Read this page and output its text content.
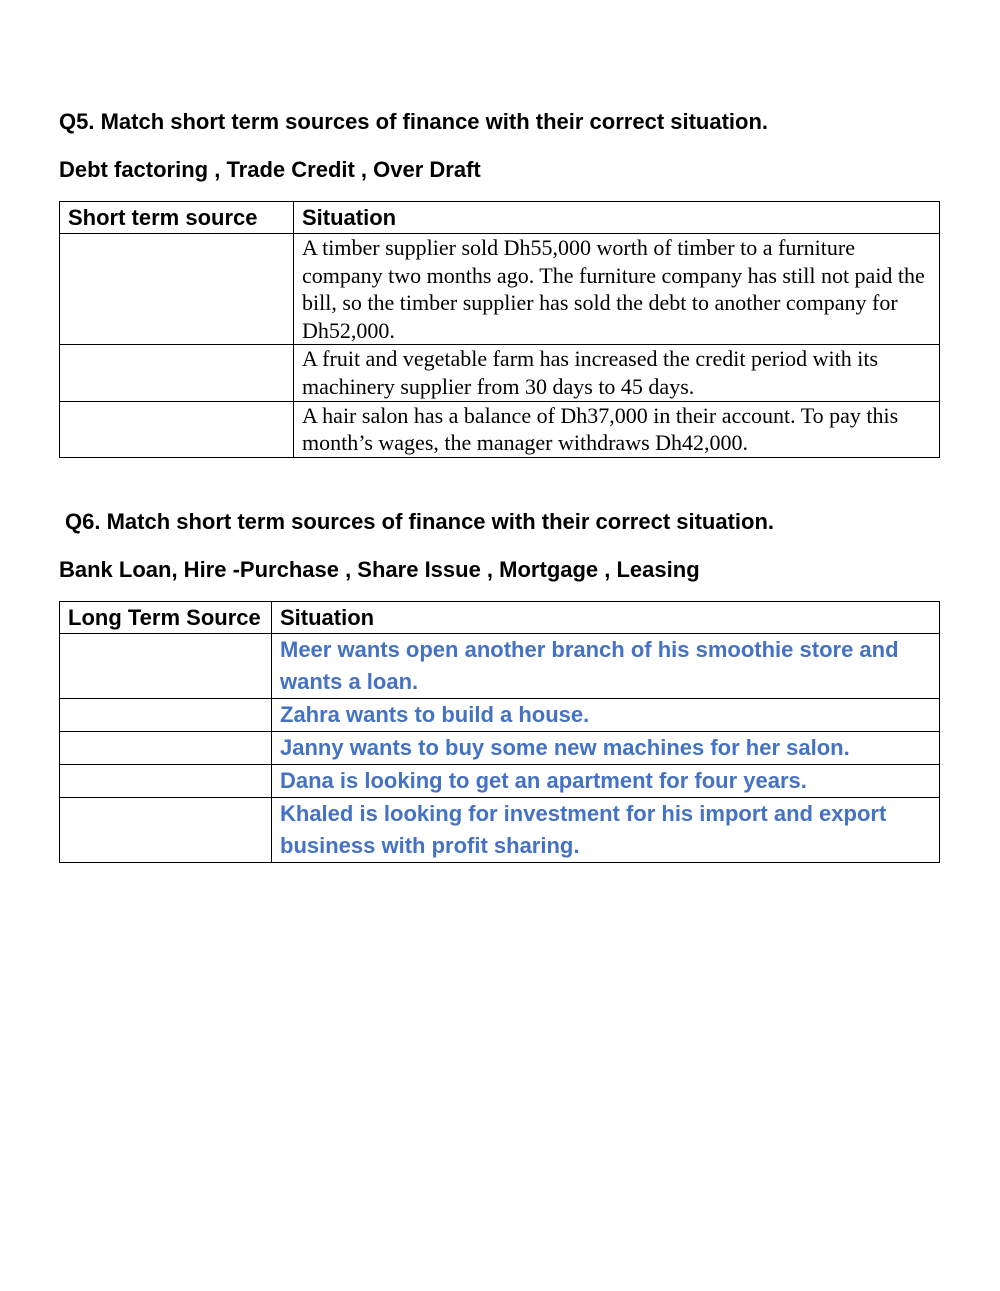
Q5. Match short term sources of finance with their correct situation.
Debt factoring , Trade Credit , Over Draft
Short term source	Situation
	A timber supplier sold Dh55,000 worth of timber to a furniture company two months ago. The furniture company has still not paid the bill, so the timber supplier has sold the debt to another company for Dh52,000.
	A fruit and vegetable farm has increased the credit period with its machinery supplier from 30 days to 45 days.
	A hair salon has a balance of Dh37,000 in their account. To pay this month’s wages, the manager withdraws Dh42,000.
Q6. Match short term sources of finance with their correct situation.
Bank Loan, Hire -Purchase , Share Issue , Mortgage , Leasing
Long Term Source	Situation
	Meer wants open another branch of his smoothie store and wants a loan.
	Zahra wants to build a house.
	Janny wants to buy some new machines for her salon.
	Dana is looking to get an apartment for four years.
	Khaled is looking for investment for his import and export business with profit sharing.
